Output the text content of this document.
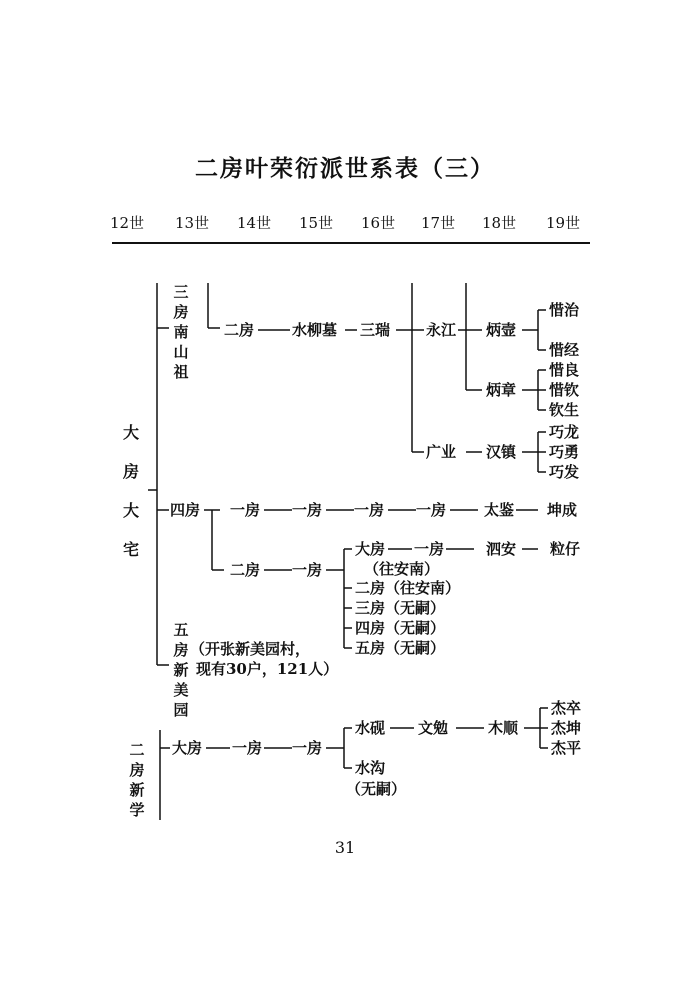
二房叶荣衍派世系表（三）
12世 13世 14世 15世 16世 17世 18世 19世
大房大宅
三房南山祖
五房新美园
二房新学
二房	水柳墓 三瑞 永江 炳壸
惜治
惜经
炳章
惜良
惜钦
钦生
广业 汉镇
巧龙
巧勇
巧发
四房 一房 一房 一房 一房	太鉴 坤成
二房 一房
大房 一房	泗安 粒仔
（往安南）
二房（往安南）
三房（无嗣）
四房（无嗣）
五房（无嗣）
（开张新美园村，
现有30户，121人）
大房 一房 一房
水砚 文勉	木顺
杰卒
杰坤
杰平
水沟
（无嗣）
31
